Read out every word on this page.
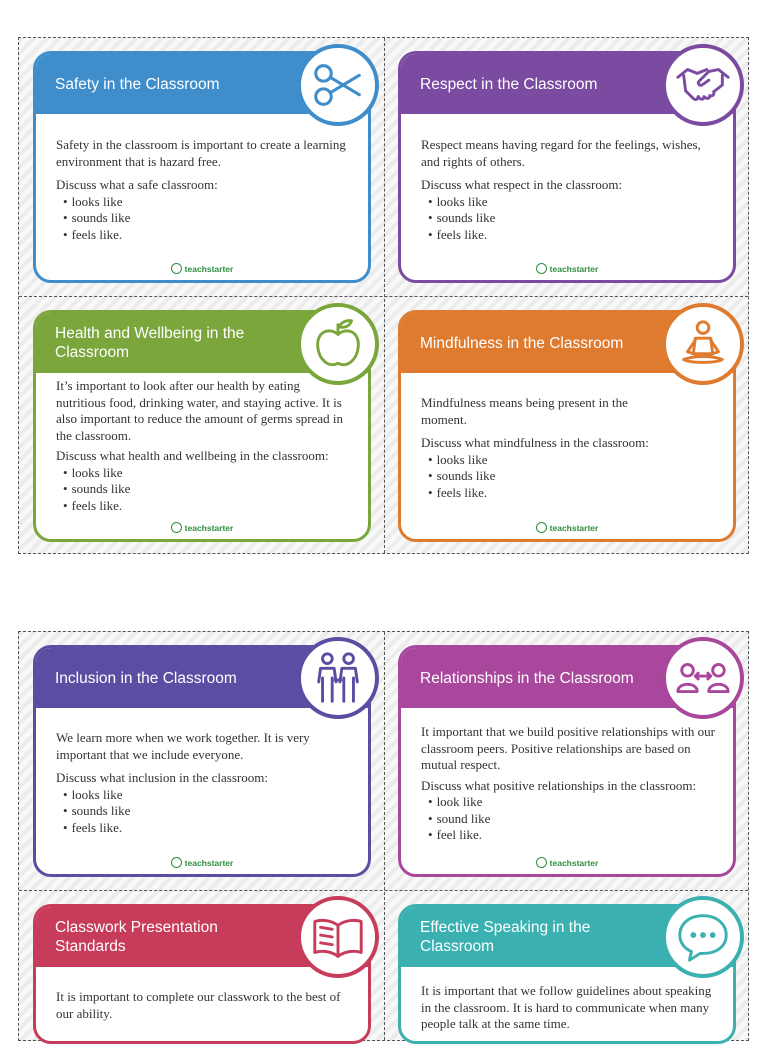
Safety in the Classroom

Safety in the classroom is important to create a learning environment that is hazard free.

Discuss what a safe classroom:

• looks like
• sounds like
• feels like.
teachstarter
Respect in the Classroom

Respect means having regard for the feelings, wishes, and rights of others.

Discuss what respect in the classroom:

• looks like
• sounds like
• feels like.
teachstarter
Health and Wellbeing in the Classroom

It’s important to look after our health by eating nutritious food, drinking water, and staying active. It is also important to reduce the amount of germs spread in the classroom.

Discuss what health and wellbeing in the classroom:

• looks like
• sounds like
• feels like.
teachstarter
Mindfulness in the Classroom

Mindfulness means being present in the moment.

Discuss what mindfulness in the classroom:

• looks like
• sounds like
• feels like.
teachstarter
Inclusion in the Classroom

We learn more when we work together. It is very important that we include everyone.

Discuss what inclusion in the classroom:

• looks like
• sounds like
• feels like.
teachstarter
Relationships in the Classroom

It important that we build positive relationships with our classroom peers. Positive relationships are based on mutual respect.

Discuss what positive relationships in the classroom:

• look like
• sound like
• feel like.
teachstarter
Classwork Presentation Standards

It is important to complete our classwork to the best of our ability.

Effective Speaking in the Classroom

It is important that we follow guidelines about speaking in the classroom. It is hard to communicate when many people talk at the same time.
